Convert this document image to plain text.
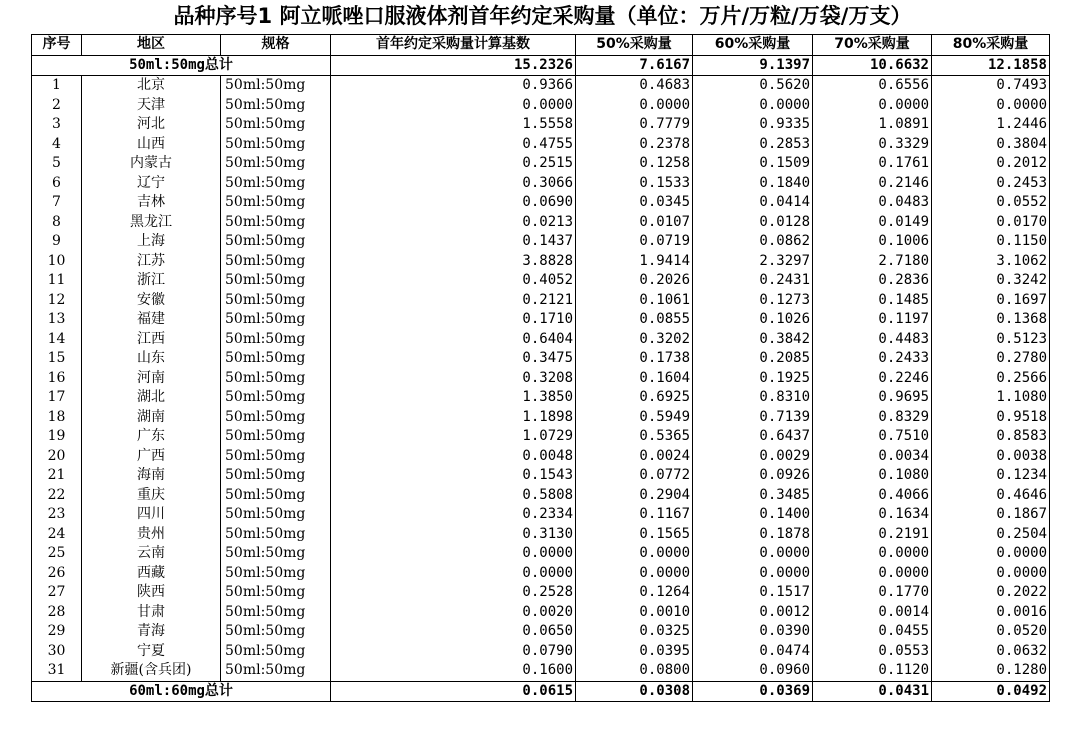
品种序号1 阿立哌唑口服液体剂首年约定采购量（单位：万片/万粒/万袋/万支）
序号	地区	规格	首年约定采购量计算基数	50%采购量	60%采购量	70%采购量	80%采购量
50ml:50mg总计			15.2326	7.6167	9.1397	10.6632	12.1858
1	北京	50ml:50mg	0.9366	0.4683	0.5620	0.6556	0.7493
2	天津	50ml:50mg	0.0000	0.0000	0.0000	0.0000	0.0000
3	河北	50ml:50mg	1.5558	0.7779	0.9335	1.0891	1.2446
4	山西	50ml:50mg	0.4755	0.2378	0.2853	0.3329	0.3804
5	内蒙古	50ml:50mg	0.2515	0.1258	0.1509	0.1761	0.2012
6	辽宁	50ml:50mg	0.3066	0.1533	0.1840	0.2146	0.2453
7	吉林	50ml:50mg	0.0690	0.0345	0.0414	0.0483	0.0552
8	黑龙江	50ml:50mg	0.0213	0.0107	0.0128	0.0149	0.0170
9	上海	50ml:50mg	0.1437	0.0719	0.0862	0.1006	0.1150
10	江苏	50ml:50mg	3.8828	1.9414	2.3297	2.7180	3.1062
11	浙江	50ml:50mg	0.4052	0.2026	0.2431	0.2836	0.3242
12	安徽	50ml:50mg	0.2121	0.1061	0.1273	0.1485	0.1697
13	福建	50ml:50mg	0.1710	0.0855	0.1026	0.1197	0.1368
14	江西	50ml:50mg	0.6404	0.3202	0.3842	0.4483	0.5123
15	山东	50ml:50mg	0.3475	0.1738	0.2085	0.2433	0.2780
16	河南	50ml:50mg	0.3208	0.1604	0.1925	0.2246	0.2566
17	湖北	50ml:50mg	1.3850	0.6925	0.8310	0.9695	1.1080
18	湖南	50ml:50mg	1.1898	0.5949	0.7139	0.8329	0.9518
19	广东	50ml:50mg	1.0729	0.5365	0.6437	0.7510	0.8583
20	广西	50ml:50mg	0.0048	0.0024	0.0029	0.0034	0.0038
21	海南	50ml:50mg	0.1543	0.0772	0.0926	0.1080	0.1234
22	重庆	50ml:50mg	0.5808	0.2904	0.3485	0.4066	0.4646
23	四川	50ml:50mg	0.2334	0.1167	0.1400	0.1634	0.1867
24	贵州	50ml:50mg	0.3130	0.1565	0.1878	0.2191	0.2504
25	云南	50ml:50mg	0.0000	0.0000	0.0000	0.0000	0.0000
26	西藏	50ml:50mg	0.0000	0.0000	0.0000	0.0000	0.0000
27	陕西	50ml:50mg	0.2528	0.1264	0.1517	0.1770	0.2022
28	甘肃	50ml:50mg	0.0020	0.0010	0.0012	0.0014	0.0016
29	青海	50ml:50mg	0.0650	0.0325	0.0390	0.0455	0.0520
30	宁夏	50ml:50mg	0.0790	0.0395	0.0474	0.0553	0.0632
31	新疆(含兵团)	50ml:50mg	0.1600	0.0800	0.0960	0.1120	0.1280
60ml:60mg总计			0.0615	0.0308	0.0369	0.0431	0.0492
